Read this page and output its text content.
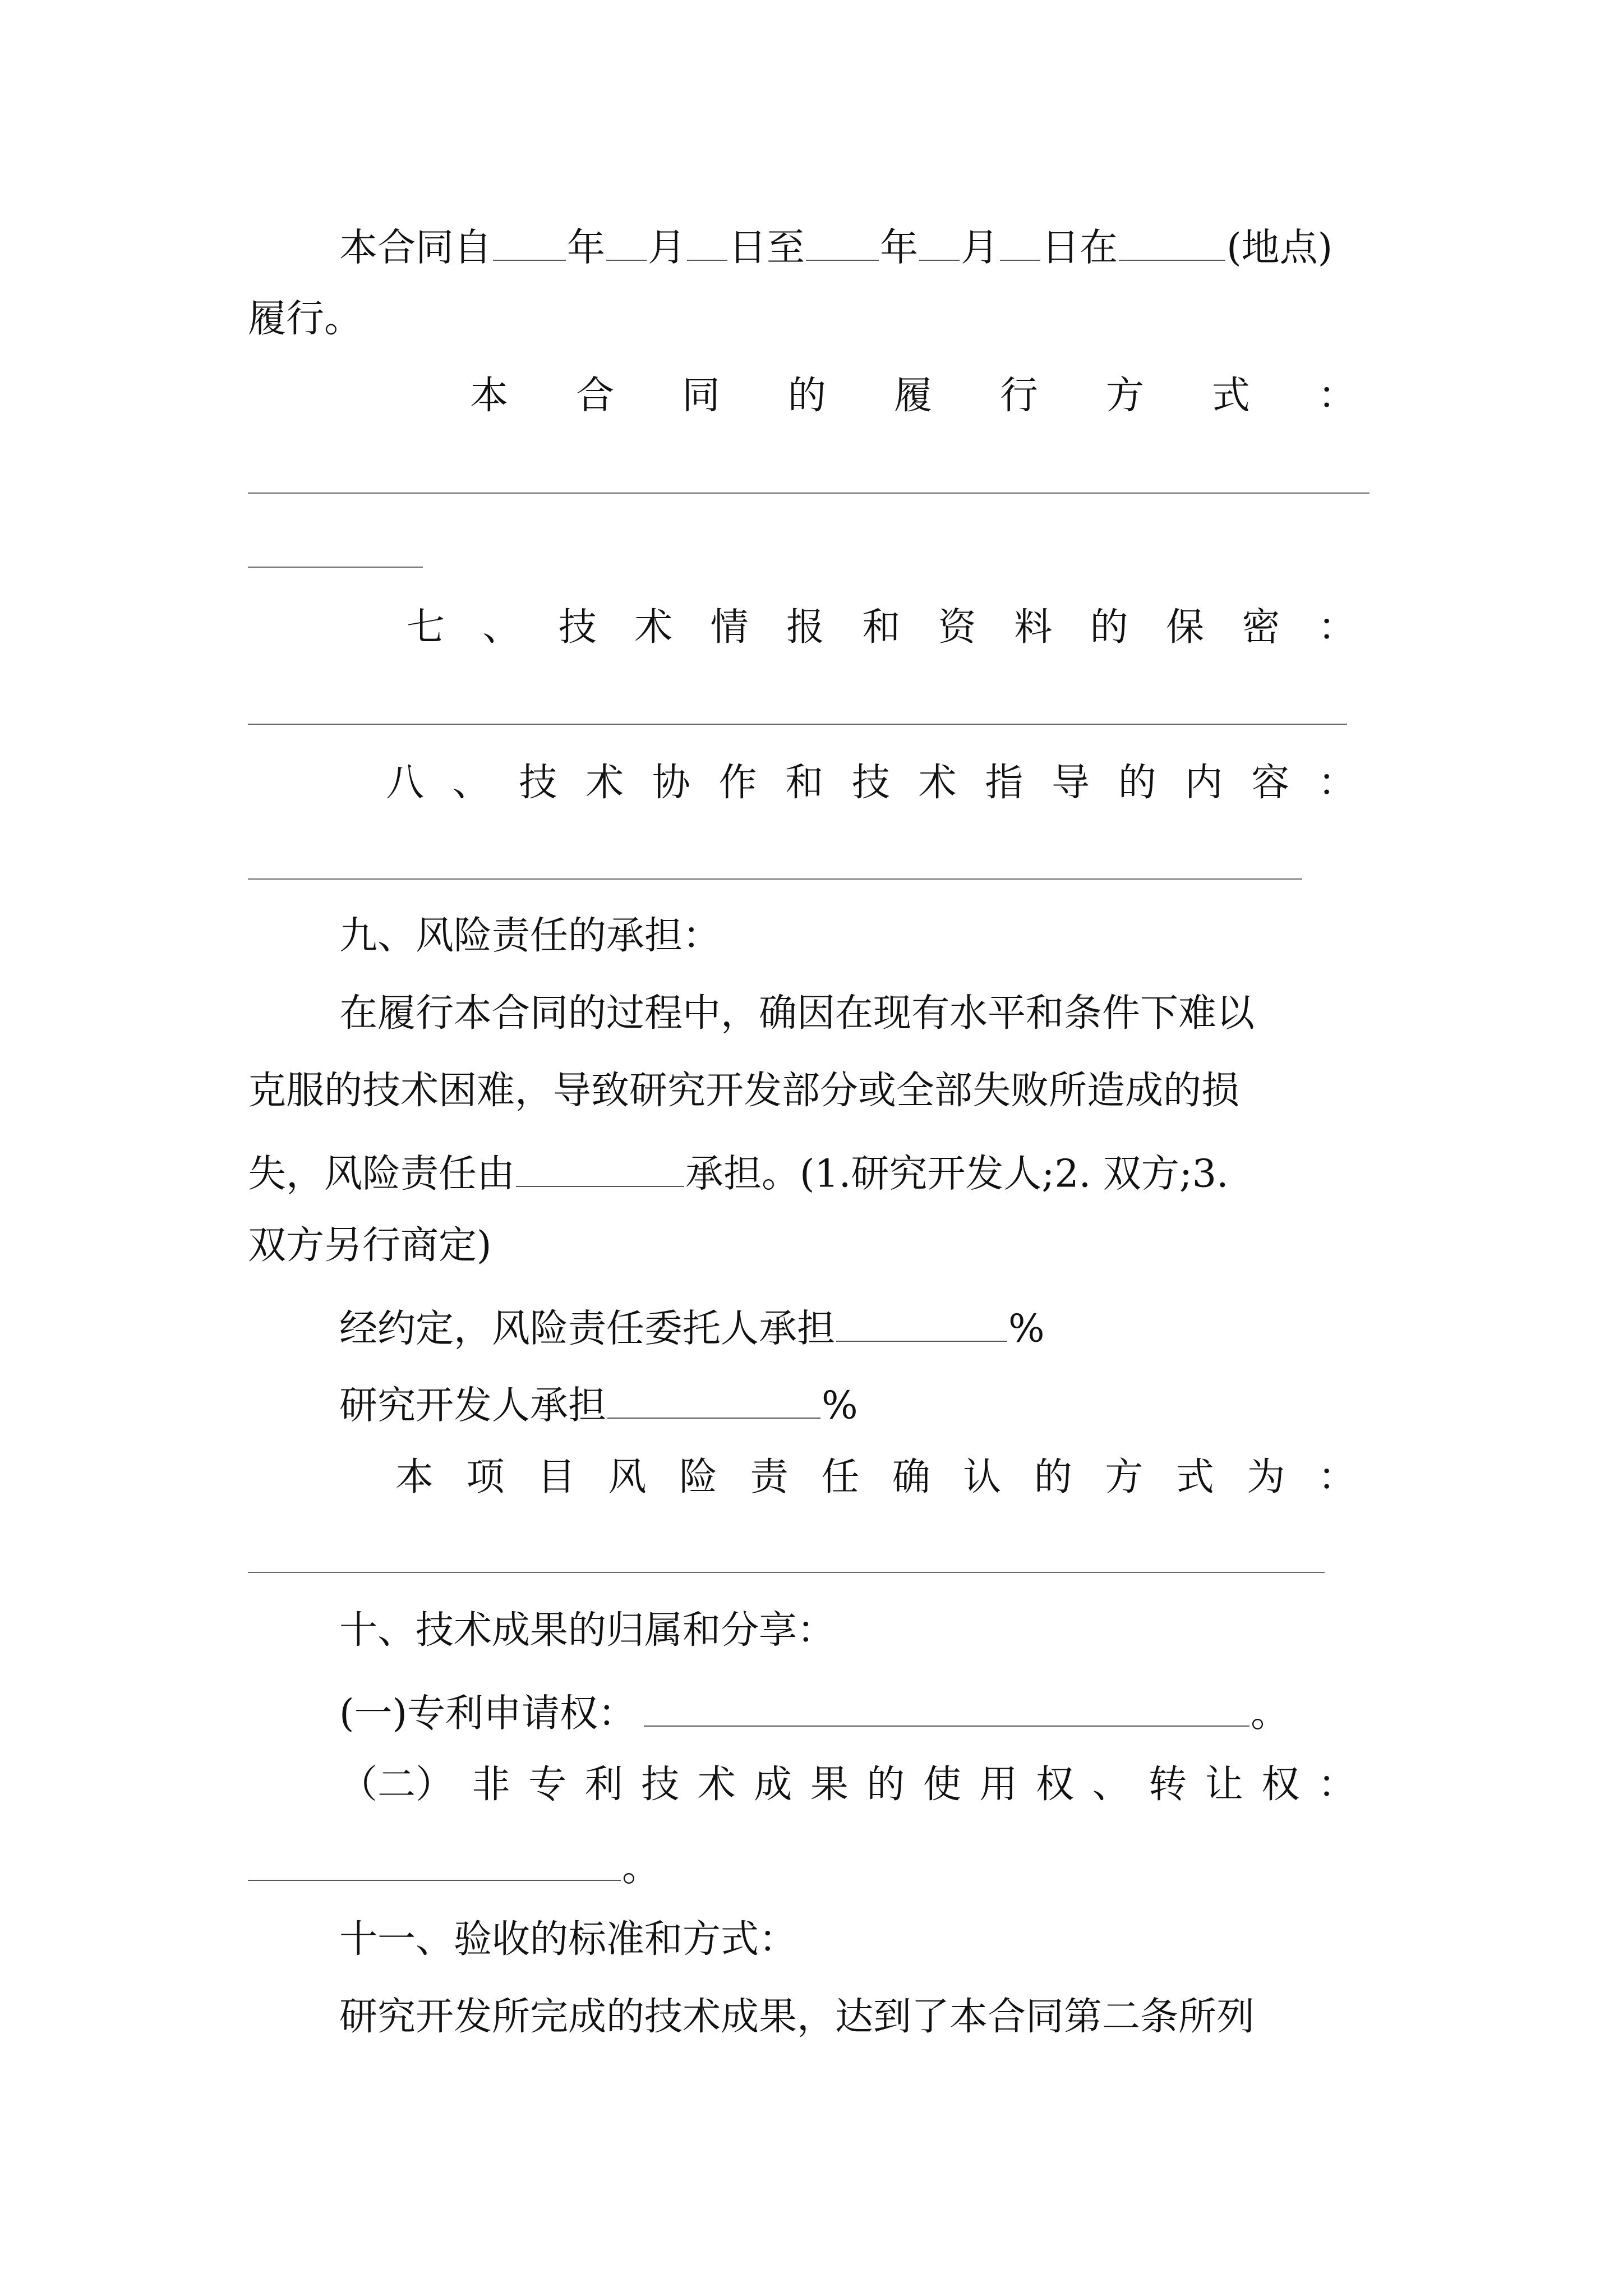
本合同自 年 月 日至 年 月 日在	(地点)
履行。
本 合 同 的 履 行 方 式 ：
七 、 技 术 情 报 和 资 料 的 保 密 ：
八 、 技 术 协 作 和 技 术 指 导 的 内 容 ：
九、风险责任的承担：
在履行本合同的过程中，确因在现有水平和条件下难以
克服的技术困难，导致研究开发部分或全部失败所造成的损
失，风险责任由	承担。(1.研究开发人;2. 双方;3.
双方另行商定)
经约定，风险责任委托人承担	%
研究开发人承担	%
本 项 目 风 险 责 任 确 认 的 方 式 为 ：
十、技术成果的归属和分享：
(一)专利申请权：	。
（二） 非 专 利 技 术 成 果 的 使 用 权 、 转 让 权 ：
。
十一、验收的标准和方式：
研究开发所完成的技术成果，达到了本合同第二条所列
